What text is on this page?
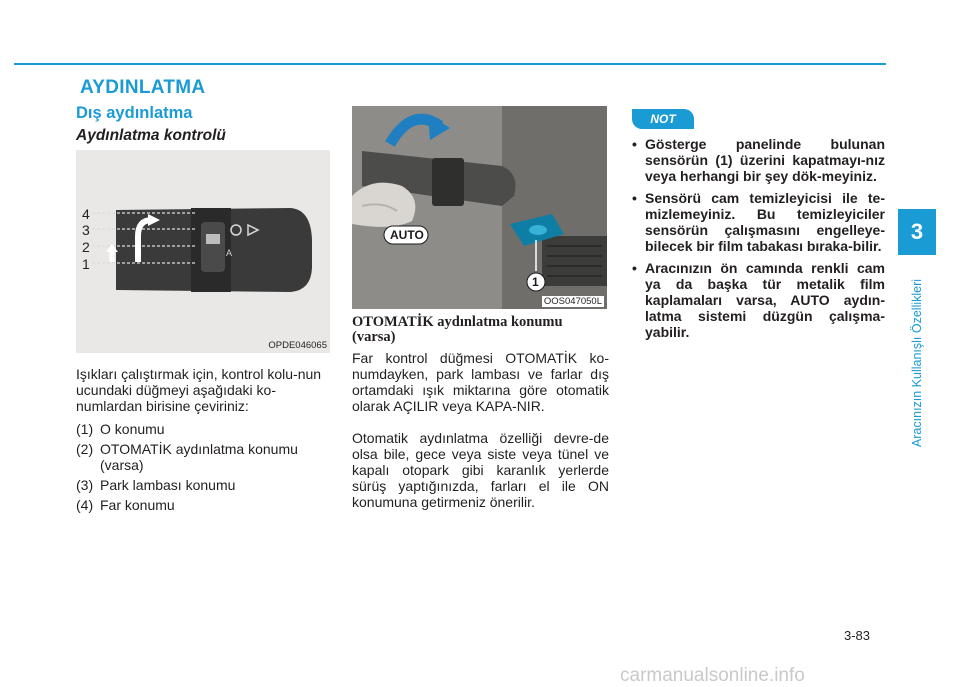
AYDINLATMA
Dış aydınlatma
Aydınlatma kontrolü
A
4
3
2
1
OPDE046065
AUTO
1
OOS047050L

Işıkları çalıştırmak için, kontrol kolu-nun ucundaki düğmeyi aşağıdaki ko-numlardan birisine çeviriniz:

(1) O konumu
(2) OTOMATİK aydınlatma konumu
(varsa)
(3) Park lambası konumu
(4) Far konumu
OTOMATİK aydınlatma konumu (varsa)

Far kontrol düğmesi OTOMATİK ko-numdayken, park lambası ve farlar dış ortamdaki ışık miktarına göre otomatik olarak AÇILIR veya KAPA-NIR.

Otomatik aydınlatma özelliği devre-de olsa bile, gece veya siste veya tünel ve kapalı otopark gibi karanlık yerlerde sürüş yaptığınızda, farları el ile ON konumuna getirmeniz önerilir.

NOT
• Gösterge panelinde bulunan sensörün (1) üzerini kapatmayı-nız veya herhangi bir şey dök-meyiniz.
• Sensörü cam temizleyicisi ile te-mizlemeyiniz. Bu temizleyiciler sensörün çalışmasını engelleye-bilecek bir film tabakası bırakа-bilir.
• Aracınızın ön camında renkli cam ya da başka tür metalik film kaplamaları varsa, AUTO aydın-latma sistemi düzgün çalışma-yabilir.
3
Aracınızın Kullanışlı Özellikleri
3-83
carmanualsonline.info
